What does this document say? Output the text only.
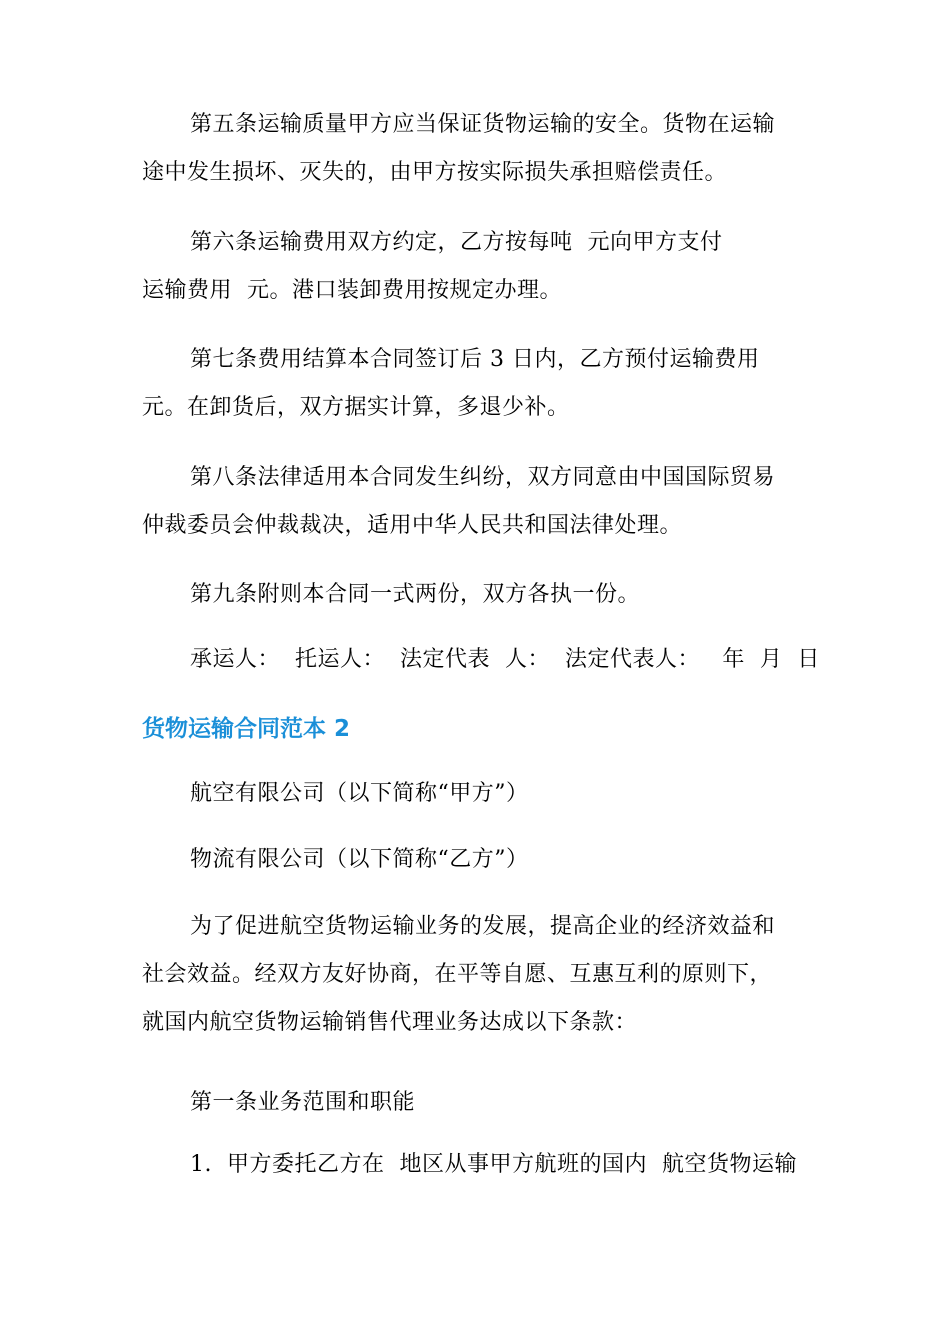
第五条运输质量甲方应当保证货物运输的安全。货物在运输
途中发生损坏、灭失的，由甲方按实际损失承担赔偿责任。
第六条运输费用双方约定，乙方按每吨  元向甲方支付
运输费用  元。港口装卸费用按规定办理。
第七条费用结算本合同签订后 3 日内，乙方预付运输费用
元。在卸货后，双方据实计算，多退少补。
第八条法律适用本合同发生纠纷，双方同意由中国国际贸易
仲裁委员会仲裁裁决，适用中华人民共和国法律处理。
第九条附则本合同一式两份，双方各执一份。
承运人：  托运人：  法定代表  人：  法定代表人：   年  月  日
货物运输合同范本 2
航空有限公司（以下简称“甲方”）
物流有限公司（以下简称“乙方”）
为了促进航空货物运输业务的发展，提高企业的经济效益和
社会效益。经双方友好协商，在平等自愿、互惠互利的原则下，
就国内航空货物运输销售代理业务达成以下条款：
第一条业务范围和职能
1.  甲方委托乙方在  地区从事甲方航班的国内  航空货物运输
